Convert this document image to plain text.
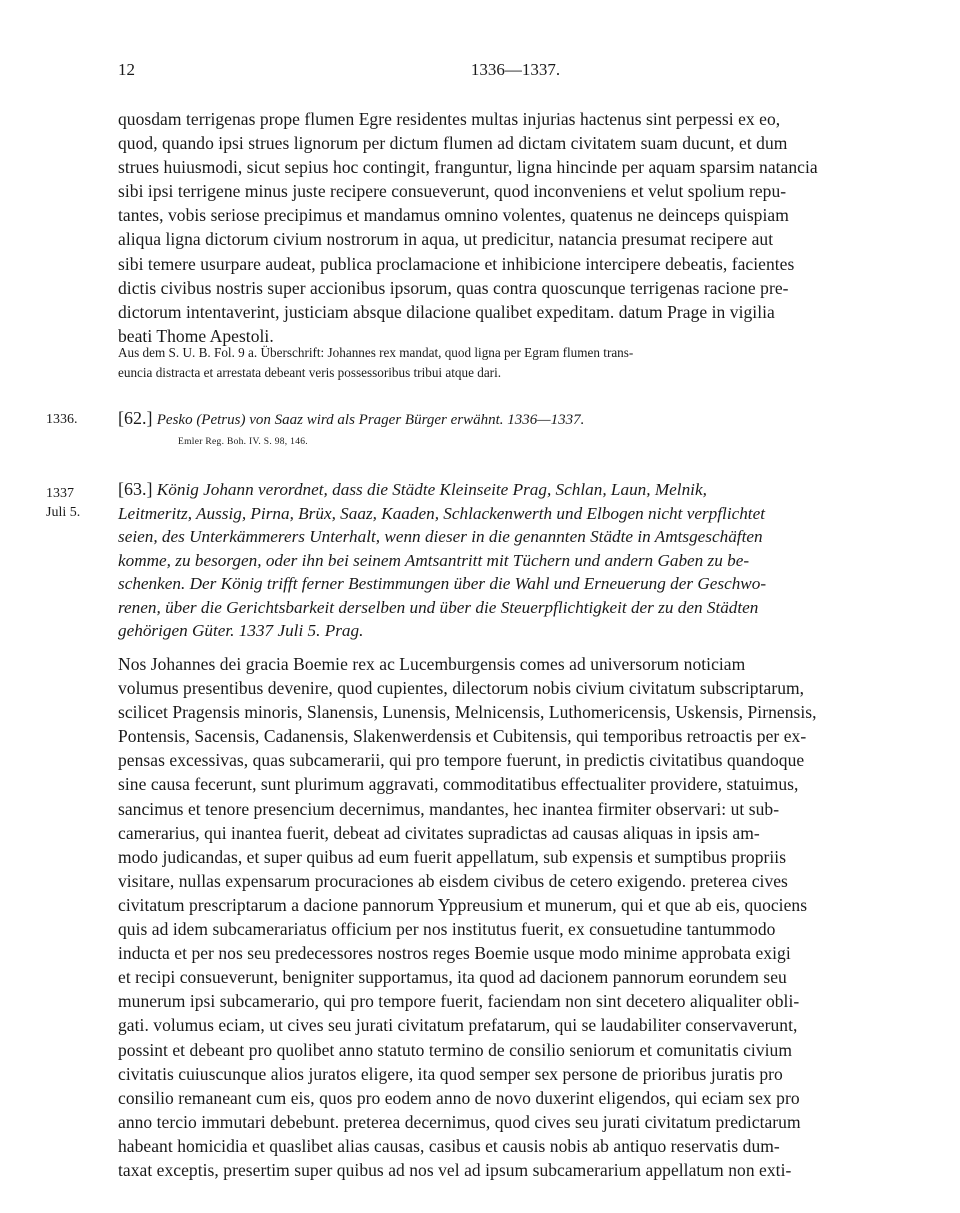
12	1336—1337.
quosdam terrigenas prope flumen Egre residentes multas injurias hactenus sint perpessi ex eo,
quod, quando ipsi strues lignorum per dictum flumen ad dictam civitatem suam ducunt, et dum
strues huiusmodi, sicut sepius hoc contingit, franguntur, ligna hincinde per aquam sparsim natancia
sibi ipsi terrigene minus juste recipere consueverunt, quod inconveniens et velut spolium repu-
tantes, vobis seriose precipimus et mandamus omnino volentes, quatenus ne deinceps quispiam
aliqua ligna dictorum civium nostrorum in aqua, ut predicitur, natancia presumat recipere aut
sibi temere usurpare audeat, publica proclamacione et inhibicione intercipere debeatis, facientes
dictis civibus nostris super accionibus ipsorum, quas contra quoscunque terrigenas racione pre-
dictorum intentaverint, justiciam absque dilacione qualibet expeditam. datum Prage in vigilia
beati Thome Apestoli.
Aus dem S. U. B. Fol. 9 a. Überschrift: Johannes rex mandat, quod ligna per Egram flumen trans-
euncia distracta et arrestata debeant veris possessoribus tribui atque dari.
1336.	[62.] Pesko (Petrus) von Saaz wird als Prager Bürger erwähnt. 1336—1337.
Emler Reg. Boh. IV. S. 98, 146.
1337
Juli 5.
[63.] König Johann verordnet, dass die Städte Kleinseite Prag, Schlan, Laun, Melnik,
Leitmeritz, Aussig, Pirna, Brüx, Saaz, Kaaden, Schlackenwerth und Elbogen nicht verpflichtet
seien, des Unterkämmerers Unterhalt, wenn dieser in die genannten Städte in Amtsgeschäften
komme, zu besorgen, oder ihn bei seinem Amtsantritt mit Tüchern und andern Gaben zu be-
schenken. Der König trifft ferner Bestimmungen über die Wahl und Erneuerung der Geschwo-
renen, über die Gerichtsbarkeit derselben und über die Steuerpflichtigkeit der zu den Städten
gehörigen Güter. 1337 Juli 5. Prag.
Nos Johannes dei gracia Boemie rex ac Lucemburgensis comes ad universorum noticiam
volumus presentibus devenire, quod cupientes, dilectorum nobis civium civitatum subscriptarum,
scilicet Pragensis minoris, Slanensis, Lunensis, Melnicensis, Luthomericensis, Uskensis, Pirnensis,
Pontensis, Sacensis, Cadanensis, Slakenwerdensis et Cubitensis, qui temporibus retroactis per ex-
pensas excessivas, quas subcamerarii, qui pro tempore fuerunt, in predictis civitatibus quandoque
sine causa fecerunt, sunt plurimum aggravati, commoditatibus effectualiter providere, statuimus,
sancimus et tenore presencium decernimus, mandantes, hec inantea firmiter observari: ut sub-
camerarius, qui inantea fuerit, debeat ad civitates supradictas ad causas aliquas in ipsis am-
modo judicandas, et super quibus ad eum fuerit appellatum, sub expensis et sumptibus propriis
visitare, nullas expensarum procuraciones ab eisdem civibus de cetero exigendo. preterea cives
civitatum prescriptarum a dacione pannorum Yppreusium et munerum, qui et que ab eis, quociens
quis ad idem subcamerariatus officium per nos institutus fuerit, ex consuetudine tantummodo
inducta et per nos seu predecessores nostros reges Boemie usque modo minime approbata exigi
et recipi consueverunt, benigniter supportamus, ita quod ad dacionem pannorum eorundem seu
munerum ipsi subcamerario, qui pro tempore fuerit, faciendam non sint decetero aliqualiter obli-
gati. volumus eciam, ut cives seu jurati civitatum prefatarum, qui se laudabiliter conservaverunt,
possint et debeant pro quolibet anno statuto termino de consilio seniorum et comunitatis civium
civitatis cuiuscunque alios juratos eligere, ita quod semper sex persone de prioribus juratis pro
consilio remaneant cum eis, quos pro eodem anno de novo duxerint eligendos, qui eciam sex pro
anno tercio immutari debebunt. preterea decernimus, quod cives seu jurati civitatum predictarum
habeant homicidia et quaslibet alias causas, casibus et causis nobis ab antiquo reservatis dum-
taxat exceptis, presertim super quibus ad nos vel ad ipsum subcamerarium appellatum non exti-
